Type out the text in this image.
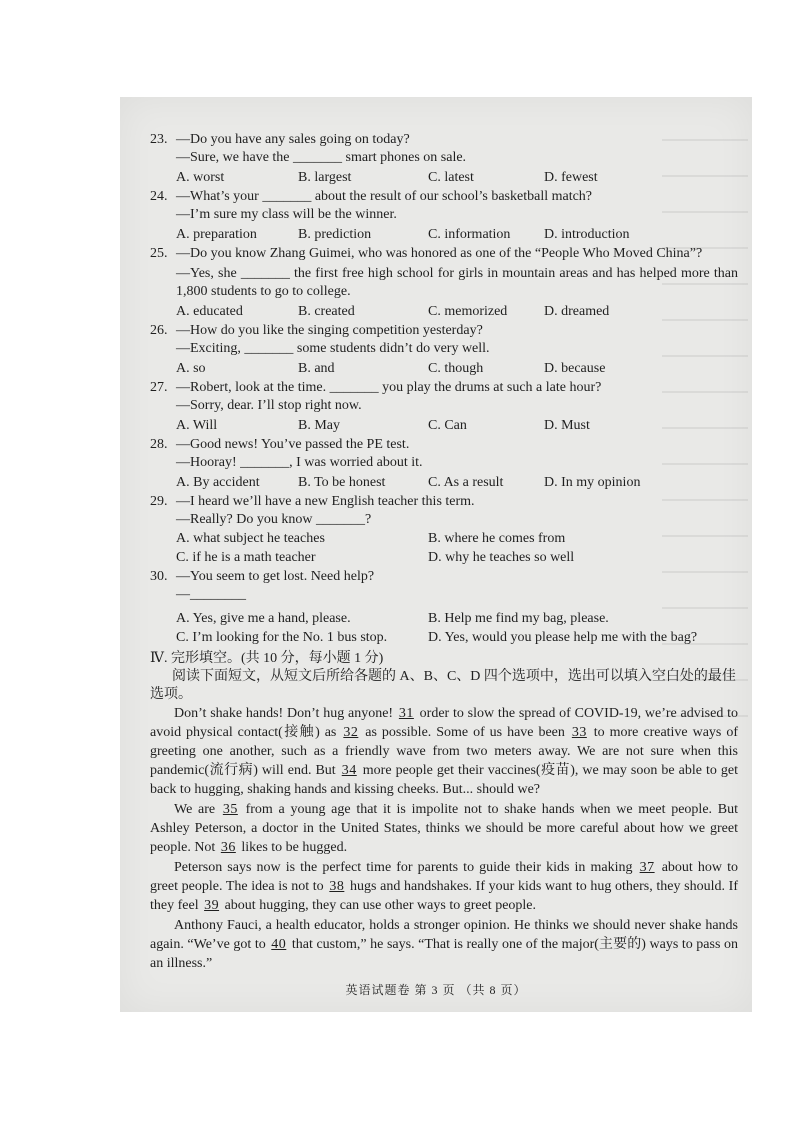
23. —Do you have any sales going on today?
—Sure, we have the _______ smart phones on sale.
A. worst	B. largest	C. latest	D. fewest
24. —What’s your _______ about the result of our school’s basketball match?
—I’m sure my class will be the winner.
A. preparation	B. prediction	C. information D. introduction
25. —Do you know Zhang Guimei, who was honored as one of the “People Who Moved China”?
—Yes, she _______ the first free high school for girls in mountain areas and has helped more than 1,800 students to go to college.
A. educated	B. created	C. memorized	D. dreamed
26. —How do you like the singing competition yesterday?
—Exciting, _______ some students didn’t do very well.
A. so	B. and	C. though	D. because
27. —Robert, look at the time. _______ you play the drums at such a late hour?
—Sorry, dear. I’ll stop right now.
A. Will	B. May	C. Can	D. Must
28. —Good news! You’ve passed the PE test.
—Hooray! _______, I was worried about it.
A. By accident	B. To be honest	C. As a result	D. In my opinion
29. —I heard we’ll have a new English teacher this term.
—Really? Do you know _______?
A. what subject he teaches	B. where he comes from
C. if he is a math teacher	D. why he teaches so well
30. —You seem to get lost. Need help?
—________
A. Yes, give me a hand, please.	B. Help me find my bag, please.
C. I’m looking for the No. 1 bus stop.	D. Yes, would you please help me with the bag?
Ⅳ. 完形填空。(共 10 分，每小题 1 分)

阅读下面短文，从短文后所给各题的 A、B、C、D 四个选项中，选出可以填入空白处的最佳选项。

Don’t shake hands! Don’t hug anyone! 31 order to slow the spread of COVID-19, we’re advised to avoid physical contact(接触) as 32 as possible. Some of us have been 33 to more creative ways of greeting one another, such as a friendly wave from two meters away. We are not sure when this pandemic(流行病) will end. But 34 more people get their vaccines(疫苗), we may soon be able to get back to hugging, shaking hands and kissing cheeks. But... should we?

We are 35 from a young age that it is impolite not to shake hands when we meet people. But Ashley Peterson, a doctor in the United States, thinks we should be more careful about how we greet people. Not 36 likes to be hugged.

Peterson says now is the perfect time for parents to guide their kids in making 37 about how to greet people. The idea is not to 38 hugs and handshakes. If your kids want to hug others, they should. If they feel 39 about hugging, they can use other ways to greet people.

Anthony Fauci, a health educator, holds a stronger opinion. He thinks we should never shake hands again. “We’ve got to 40 that custom,” he says. “That is really one of the major(主要的) ways to pass on an illness.”

英语试题卷 第 3 页 （共 8 页）
